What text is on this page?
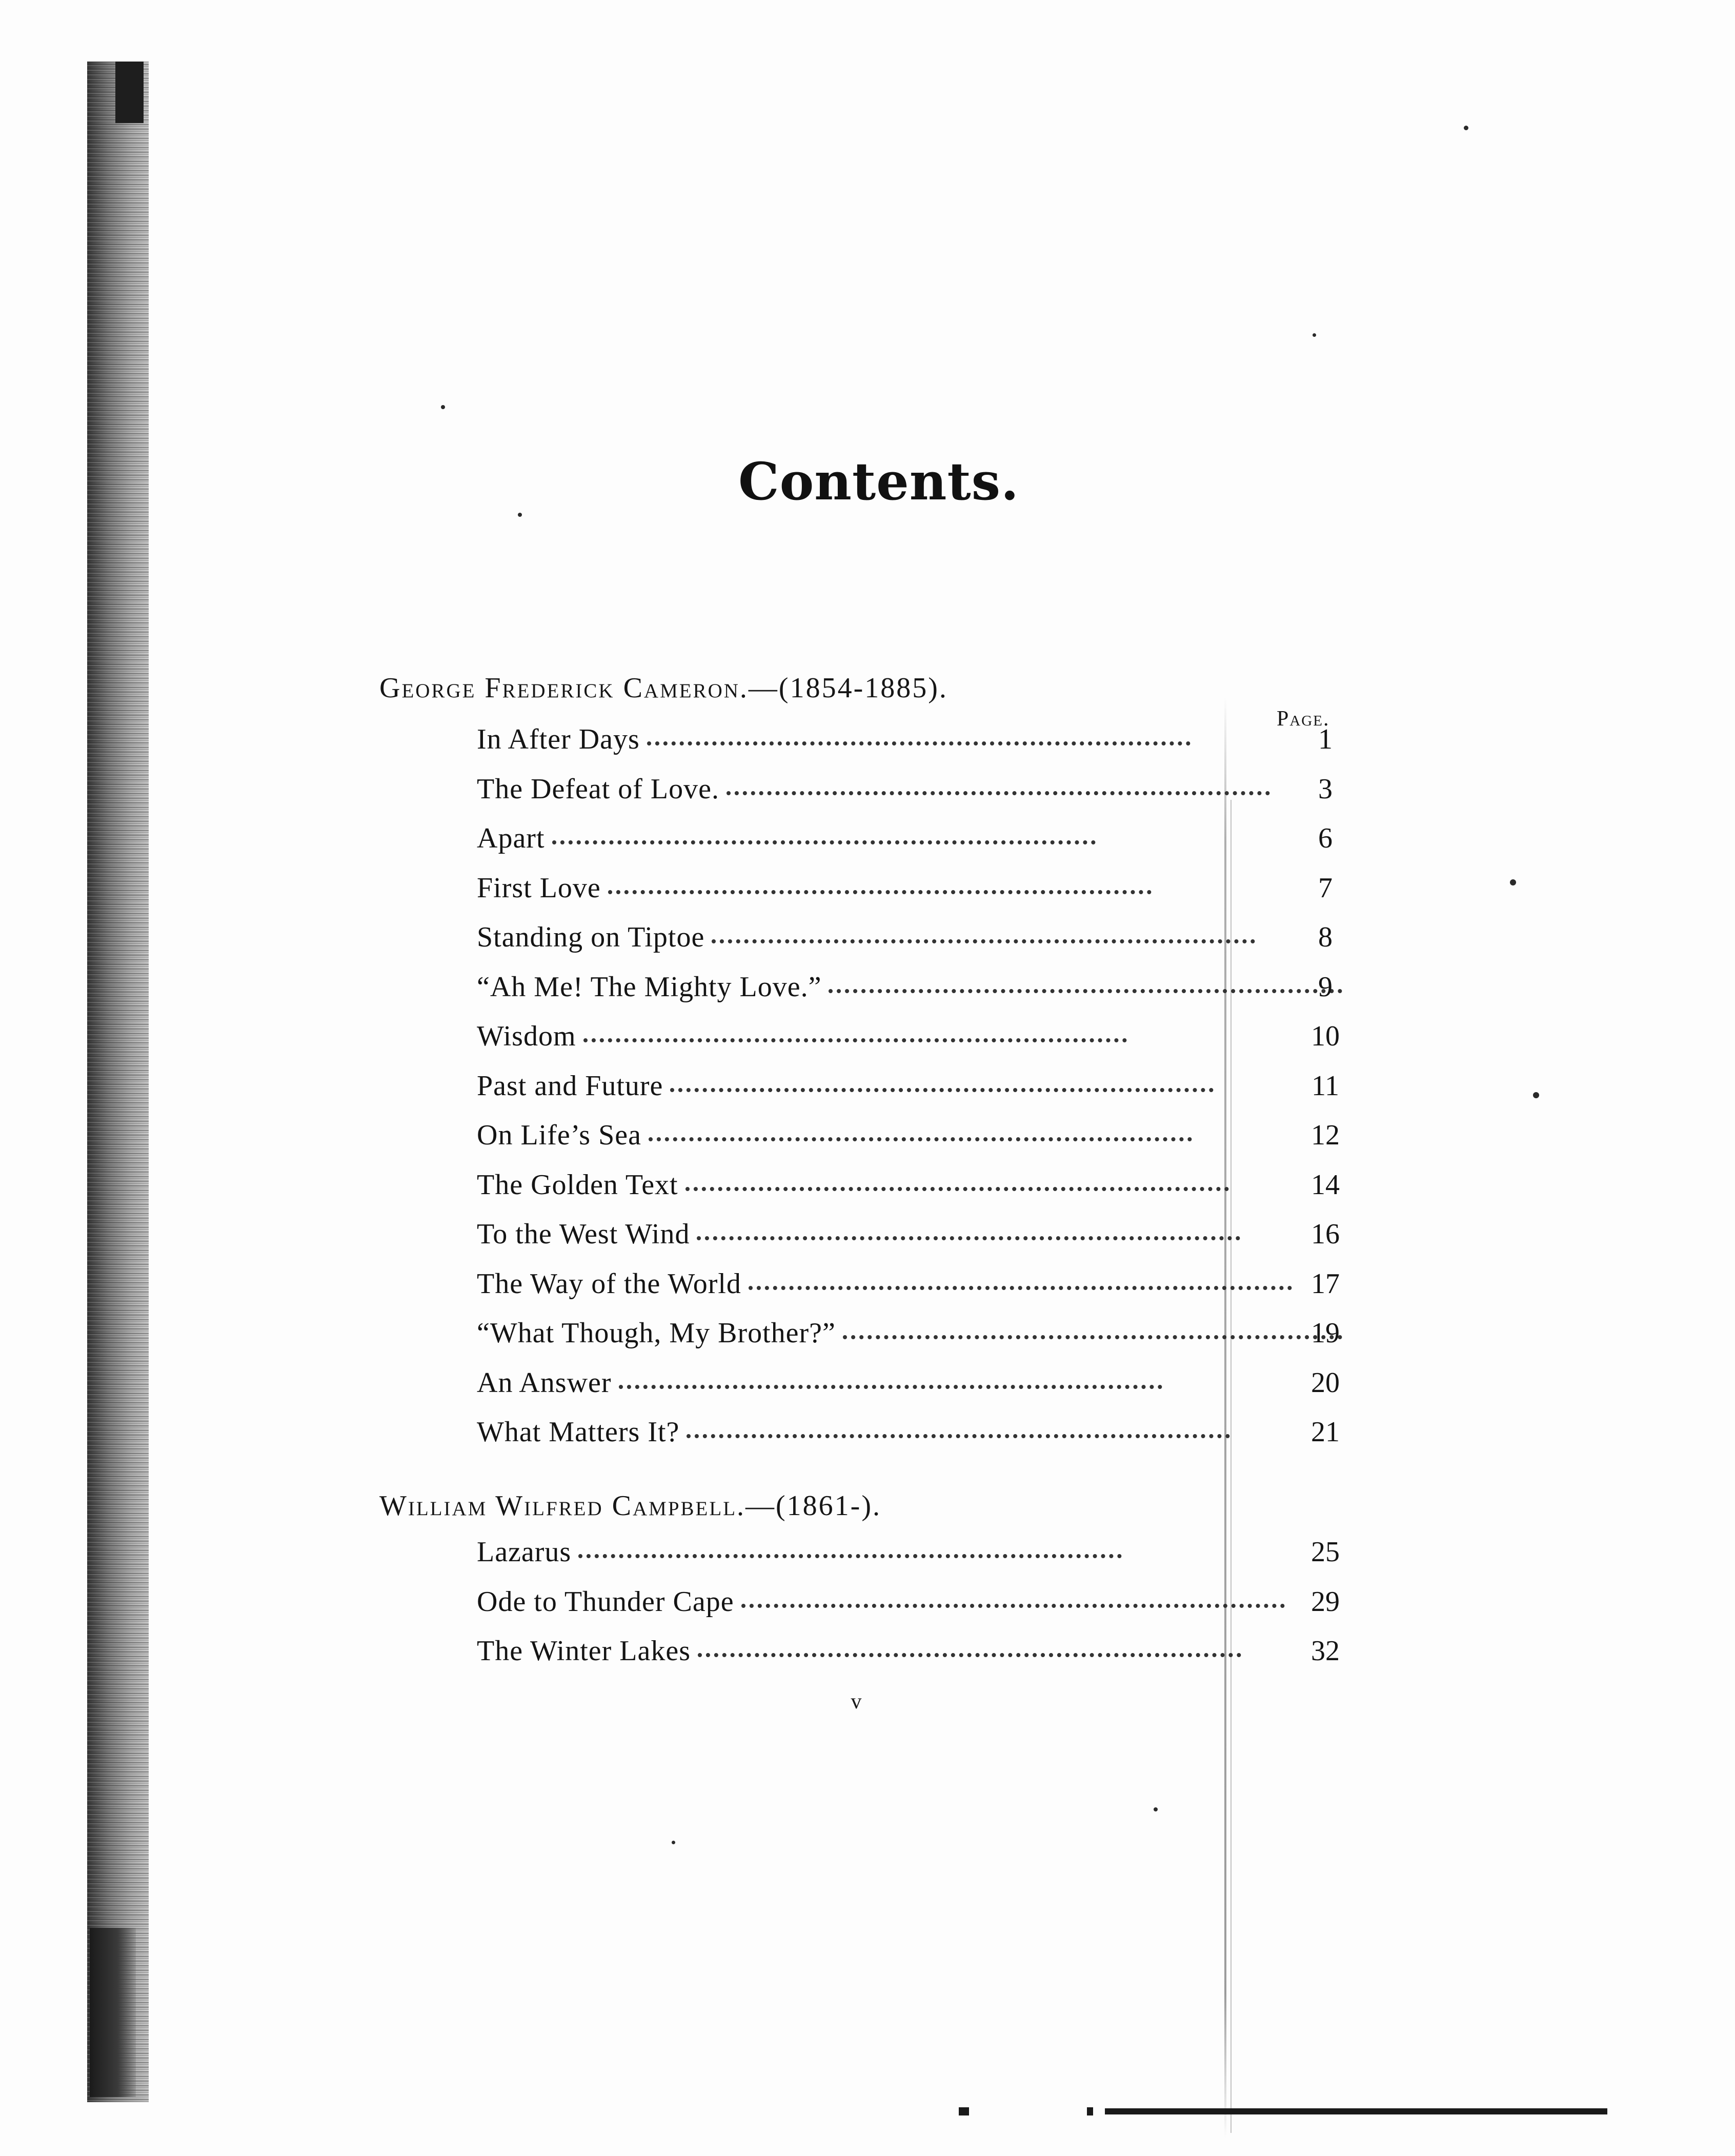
Contents.
George Frederick Cameron.—(1854-1885).
Page.
In After Days	1
The Defeat of Love.	3
Apart	6
First Love	7
Standing on Tiptoe	8
“Ah Me! The Mighty Love.”	9
Wisdom	10
Past and Future	11
On Life’s Sea	12
The Golden Text	14
To the West Wind	16
The Way of the World	17
“What Though, My Brother?”	19
An Answer	20
What Matters It?	21
William Wilfred Campbell.—(1861-).
Lazarus	25
Ode to Thunder Cape	29
The Winter Lakes	32
v
